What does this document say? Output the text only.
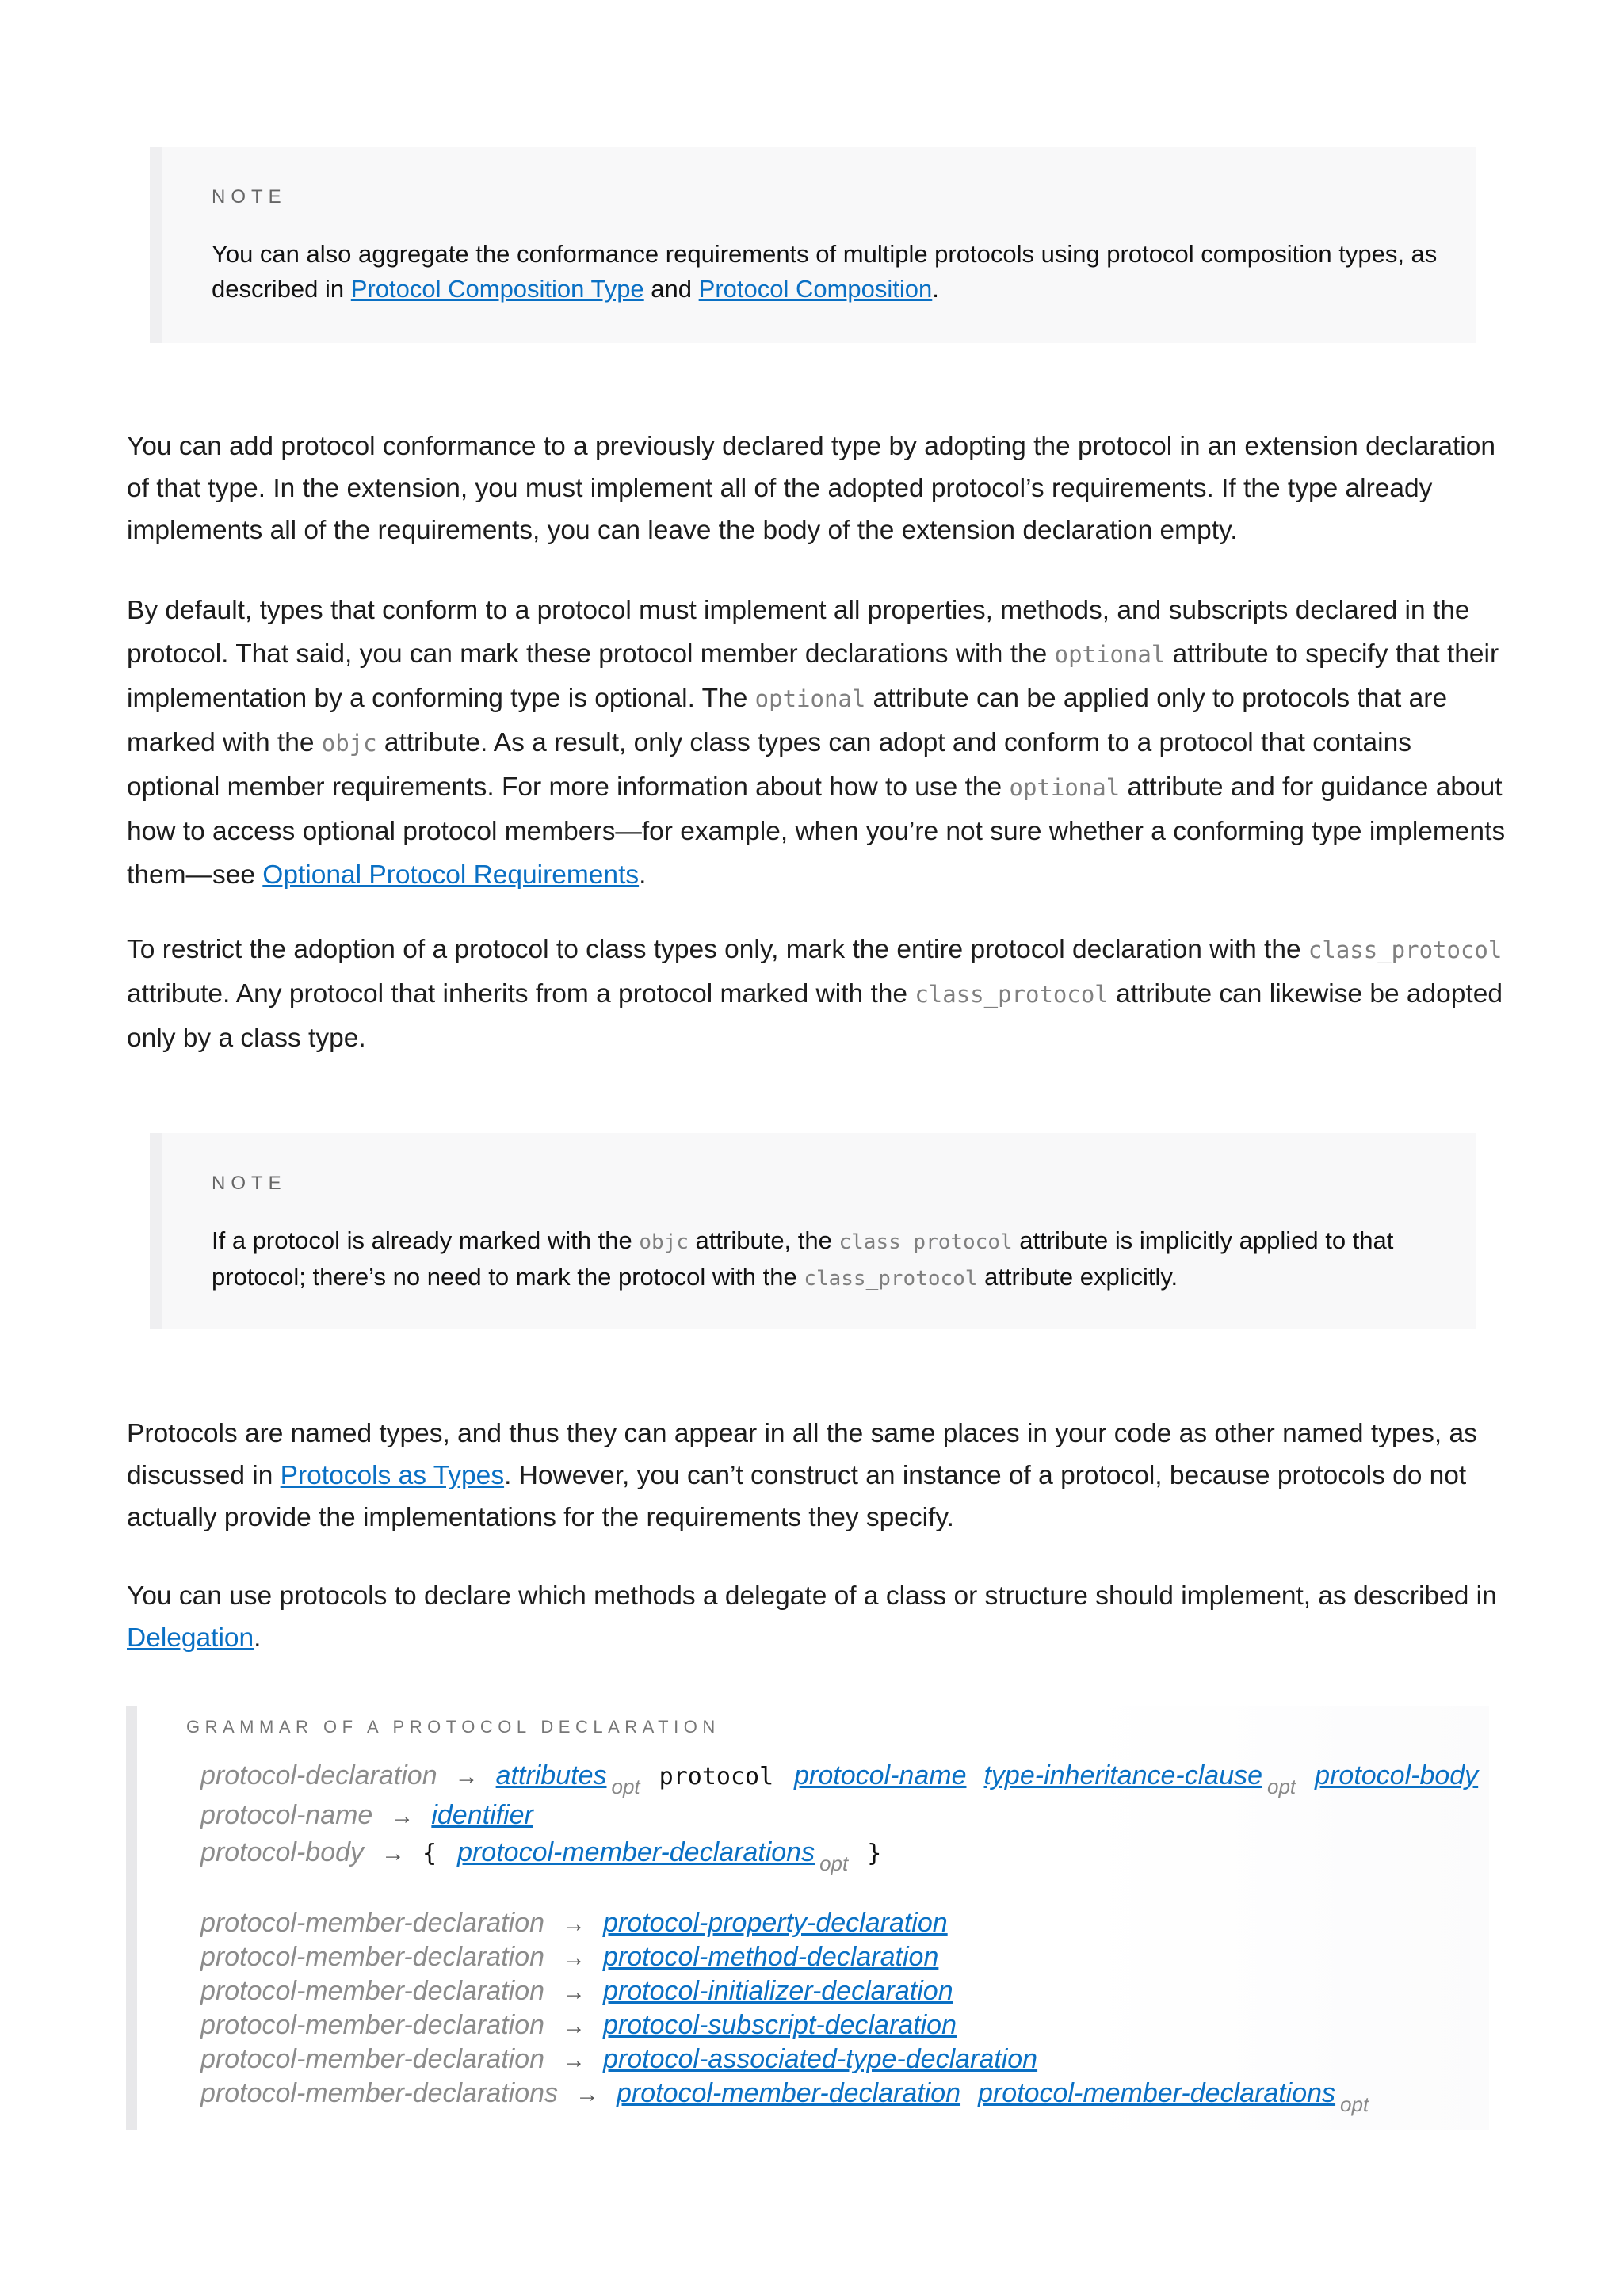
NOTE

You can also aggregate the conformance requirements of multiple protocols using protocol composition types, as described in Protocol Composition Type and Protocol Composition.

You can add protocol conformance to a previously declared type by adopting the protocol in an extension declaration of that type. In the extension, you must implement all of the adopted protocol’s requirements. If the type already implements all of the requirements, you can leave the body of the extension declaration empty.

By default, types that conform to a protocol must implement all properties, methods, and subscripts declared in the protocol. That said, you can mark these protocol member declarations with the optional attribute to specify that their implementation by a conforming type is optional. The optional attribute can be applied only to protocols that are marked with the objc attribute. As a result, only class types can adopt and conform to a protocol that contains optional member requirements. For more information about how to use the optional attribute and for guidance about how to access optional protocol members—for example, when you’re not sure whether a conforming type implements them—see Optional Protocol Requirements.

To restrict the adoption of a protocol to class types only, mark the entire protocol declaration with the class_protocol attribute. Any protocol that inherits from a protocol marked with the class_protocol attribute can likewise be adopted only by a class type.

NOTE

If a protocol is already marked with the objc attribute, the class_protocol attribute is implicitly applied to that protocol; there’s no need to mark the protocol with the class_protocol attribute explicitly.

Protocols are named types, and thus they can appear in all the same places in your code as other named types, as discussed in Protocols as Types. However, you can’t construct an instance of a protocol, because protocols do not actually provide the implementations for the requirements they specify.

You can use protocols to declare which methods a delegate of a class or structure should implement, as described in Delegation.

GRAMMAR OF A PROTOCOL DECLARATION

protocol-declaration → attributes $_{opt}$ protocol protocol-name type-inheritance-clause $_{opt}$ protocol-body
protocol-name → identifier
protocol-body → { protocol-member-declarations $_{opt}$ }
protocol-member-declaration → protocol-property-declaration
protocol-member-declaration → protocol-method-declaration
protocol-member-declaration → protocol-initializer-declaration
protocol-member-declaration → protocol-subscript-declaration
protocol-member-declaration → protocol-associated-type-declaration
protocol-member-declarations → protocol-member-declaration protocol-member-declarations $_{opt}$
